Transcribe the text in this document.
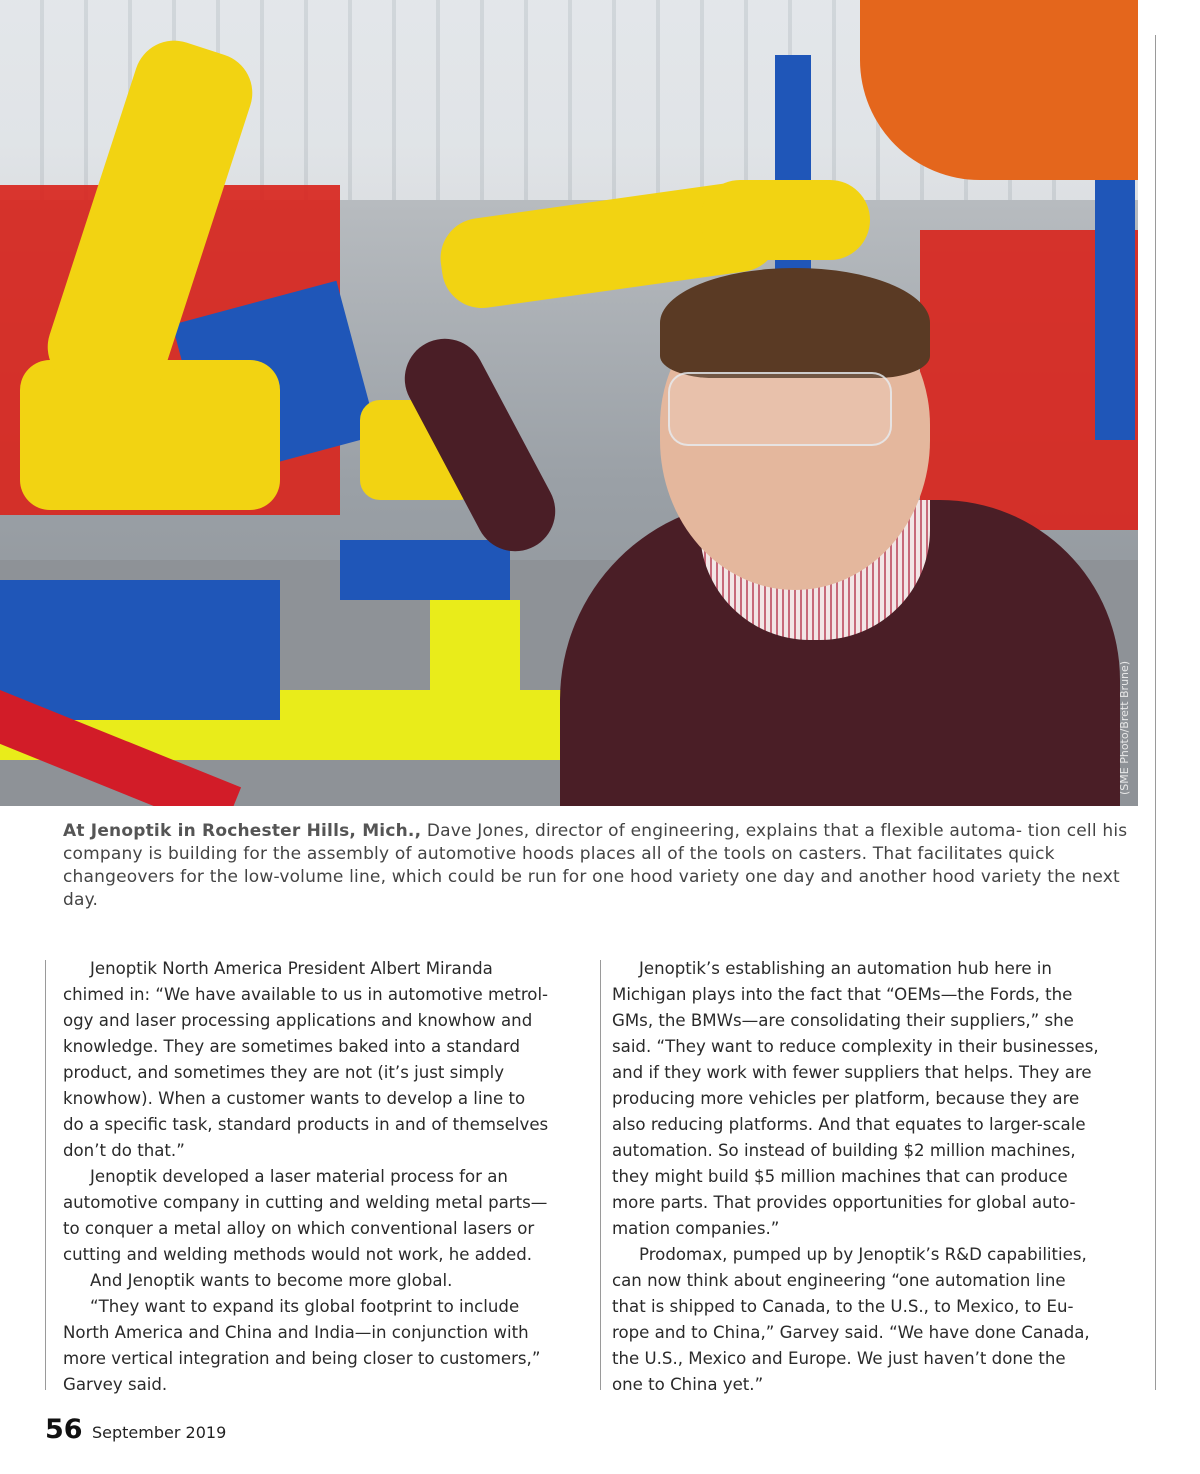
(SME Photo/Brett Brune)
At Jenoptik in Rochester Hills, Mich., Dave Jones, director of engineering, explains that a flexible automa- tion cell his company is building for the assembly of automotive hoods places all of the tools on casters. That facilitates quick changeovers for the low-volume line, which could be run for one hood variety one day and another hood variety the next day.
Jenoptik North America President Albert Miranda
chimed in: “We have available to us in automotive metrol-
ogy and laser processing applications and knowhow and
knowledge. They are sometimes baked into a standard
product, and sometimes they are not (it’s just simply
knowhow). When a customer wants to develop a line to
do a specific task, standard products in and of themselves
don’t do that.”
Jenoptik developed a laser material process for an
automotive company in cutting and welding metal parts—
to conquer a metal alloy on which conventional lasers or
cutting and welding methods would not work, he added.
And Jenoptik wants to become more global.
“They want to expand its global footprint to include
North America and China and India—in conjunction with
more vertical integration and being closer to customers,”
Garvey said.
Jenoptik’s establishing an automation hub here in
Michigan plays into the fact that “OEMs—the Fords, the
GMs, the BMWs—are consolidating their suppliers,” she
said. “They want to reduce complexity in their businesses,
and if they work with fewer suppliers that helps. They are
producing more vehicles per platform, because they are
also reducing platforms. And that equates to larger-scale
automation. So instead of building $2 million machines,
they might build $5 million machines that can produce
more parts. That provides opportunities for global auto-
mation companies.”
Prodomax, pumped up by Jenoptik’s R&D capabilities,
can now think about engineering “one automation line
that is shipped to Canada, to the U.S., to Mexico, to Eu-
rope and to China,” Garvey said. “We have done Canada,
the U.S., Mexico and Europe. We just haven’t done the
one to China yet.”
56 September 2019
